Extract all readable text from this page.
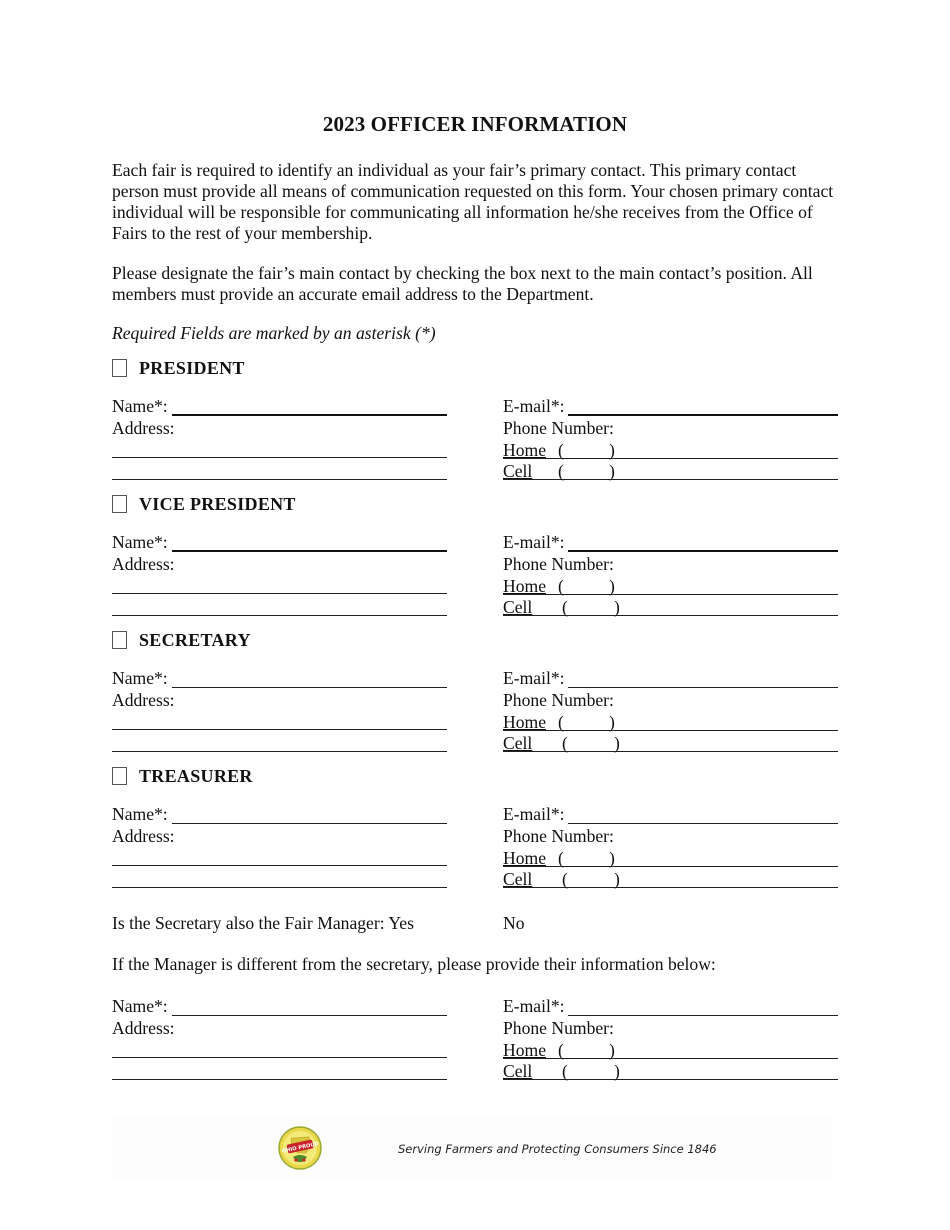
2023 OFFICER INFORMATION

Each fair is required to identify an individual as your fair’s primary contact. This primary contact person must provide all means of communication requested on this form. Your chosen primary contact individual will be responsible for communicating all information he/she receives from the Office of Fairs to the rest of your membership.

Please designate the fair’s main contact by checking the box next to the main contact’s position. All members must provide an accurate email address to the Department.

Required Fields are marked by an asterisk (*)
PRESIDENT
Name*:
Address:
E-mail*:
Phone Number:
Home (	)
Cell (	)
VICE PRESIDENT
Name*:
Address:
E-mail*:
Phone Number:
Home (	)
Cell (	)
SECRETARY
Name*:
Address:
E-mail*:
Phone Number:
Home (	)
Cell (	)
TREASURER
Name*:
Address:
E-mail*:
Phone Number:
Home (	)
Cell (	)
Is the Secretary also the Fair Manager: Yes	No
If the Manager is different from the secretary, please provide their information below:
Name*:
Address:
E-mail*:
Phone Number:
Home (	)
Cell (	)
OHIO PROUD	Serving Farmers and Protecting Consumers Since 1846
